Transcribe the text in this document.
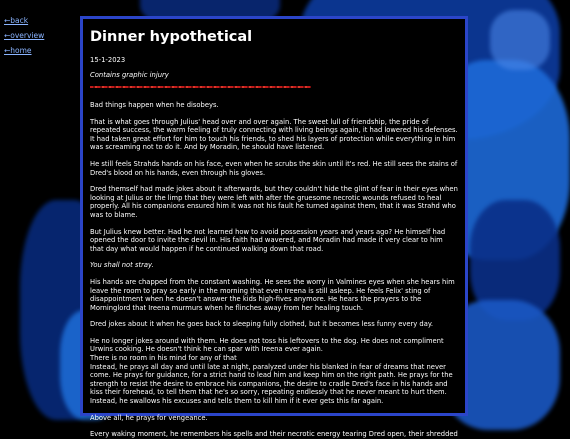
←back
←overview
←home
Dinner hypothetical
15-1-2023
Contains graphic injury

Bad things happen when he disobeys.

That is what goes through Julius' head over and over again. The sweet lull of friendship, the pride of repeated success, the warm feeling of truly connecting with living beings again, it had lowered his defenses. It had taken great effort for him to touch his friends, to shed his layers of protection while everything in him was screaming not to do it. And by Moradin, he should have listened.

He still feels Strahds hands on his face, even when he scrubs the skin until it's red. He still sees the stains of Dred's blood on his hands, even through his gloves.

Dred themself had made jokes about it afterwards, but they couldn't hide the glint of fear in their eyes when looking at Julius or the limp that they were left with after the gruesome necrotic wounds refused to heal properly. All his companions ensured him it was not his fault he turned against them, that it was Strahd who was to blame.

But Julius knew better. Had he not learned how to avoid possession years and years ago? He himself had opened the door to invite the devil in. His faith had wavered, and Moradin had made it very clear to him that day what would happen if he continued walking down that road.

You shall not stray.

His hands are chapped from the constant washing. He sees the worry in Valmines eyes when she hears him leave the room to pray so early in the morning that even Ireena is still asleep. He feels Felix' sting of disappointment when he doesn't answer the kids high-fives anymore. He hears the prayers to the Morninglord that Ireena murmurs when he flinches away from her healing touch.

Dred jokes about it when he goes back to sleeping fully clothed, but it becomes less funny every day.

He no longer jokes around with them. He does not toss his leftovers to the dog. He does not compliment Urwins cooking. He doesn't think he can spar with Ireena ever again.
There is no room in his mind for any of that
Instead, he prays all day and until late at night, paralyzed under his blanked in fear of dreams that never come. He prays for guidance, for a strict hand to lead him and keep him on the right path. He prays for the strength to resist the desire to embrace his companions, the desire to cradle Dred's face in his hands and kiss their forehead, to tell them that he's so sorry, repeating endlessly that he never meant to hurt them. Instead, he swallows his excuses and tells them to kill him if it ever gets this far again.

Above all, he prays for vengeance.

Every waking moment, he remembers his spells and their necrotic energy tearing Dred open, their shredded
